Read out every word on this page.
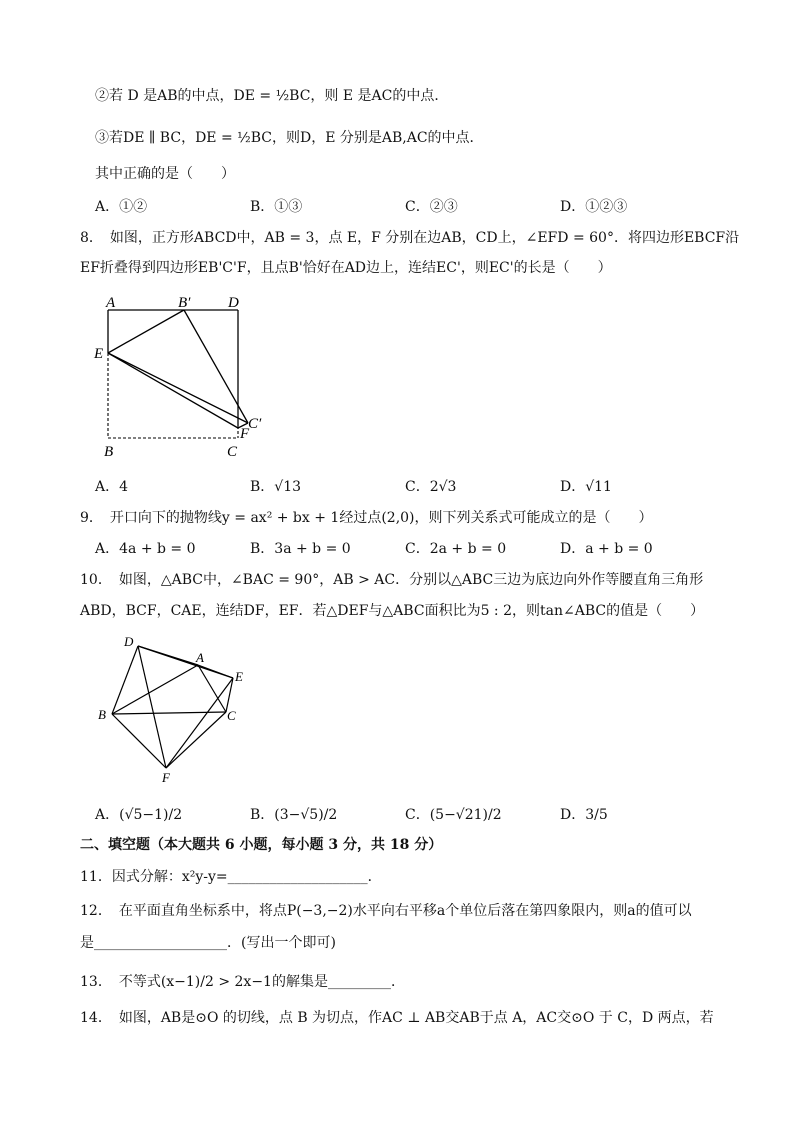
②若 D 是AB的中点，DE = ½BC，则 E 是AC的中点．
③若DE ∥ BC，DE = ½BC，则D，E 分别是AB,AC的中点．
其中正确的是（　　）
A．①②	B．①③	C．②③	D．①②③
8．　如图，正方形ABCD中，AB = 3，点 E，F 分别在边AB，CD上，∠EFD = 60°．将四边形EBCF沿
EF折叠得到四边形EB'C'F，且点B'恰好在AD边上，连结EC'，则EC'的长是（　　）
A	B′	D
E
C′
F
B	C
A．4	B．√13	C．2√3	D．√11
9．　开口向下的抛物线y = ax² + bx + 1经过点(2,0)，则下列关系式可能成立的是（　　）
A．4a + b = 0	B．3a + b = 0	C．2a + b = 0	D．a + b = 0
10．　如图，△ABC中，∠BAC = 90°，AB > AC．分别以△ABC三边为底边向外作等腰直角三角形
ABD，BCF，CAE，连结DF，EF．若△DEF与△ABC面积比为5 : 2，则tan∠ABC的值是（　　）
D
A
E
B	C
F
A．(√5−1)/2	B．(3−√5)/2	C．(5−√21)/2	D．3/5
二、填空题（本大题共 6 小题，每小题 3 分，共 18 分）
11．因式分解：x²y-y=____________________．
12．　在平面直角坐标系中，将点P(−3,−2)水平向右平移a个单位后落在第四象限内，则a的值可以
是___________________．(写出一个即可)
13．　不等式(x−1)/2 > 2x−1的解集是_________．
14．　如图，AB是⊙O 的切线，点 B 为切点，作AC ⊥ AB交AB于点 A，AC交⊙O 于 C，D 两点，若
